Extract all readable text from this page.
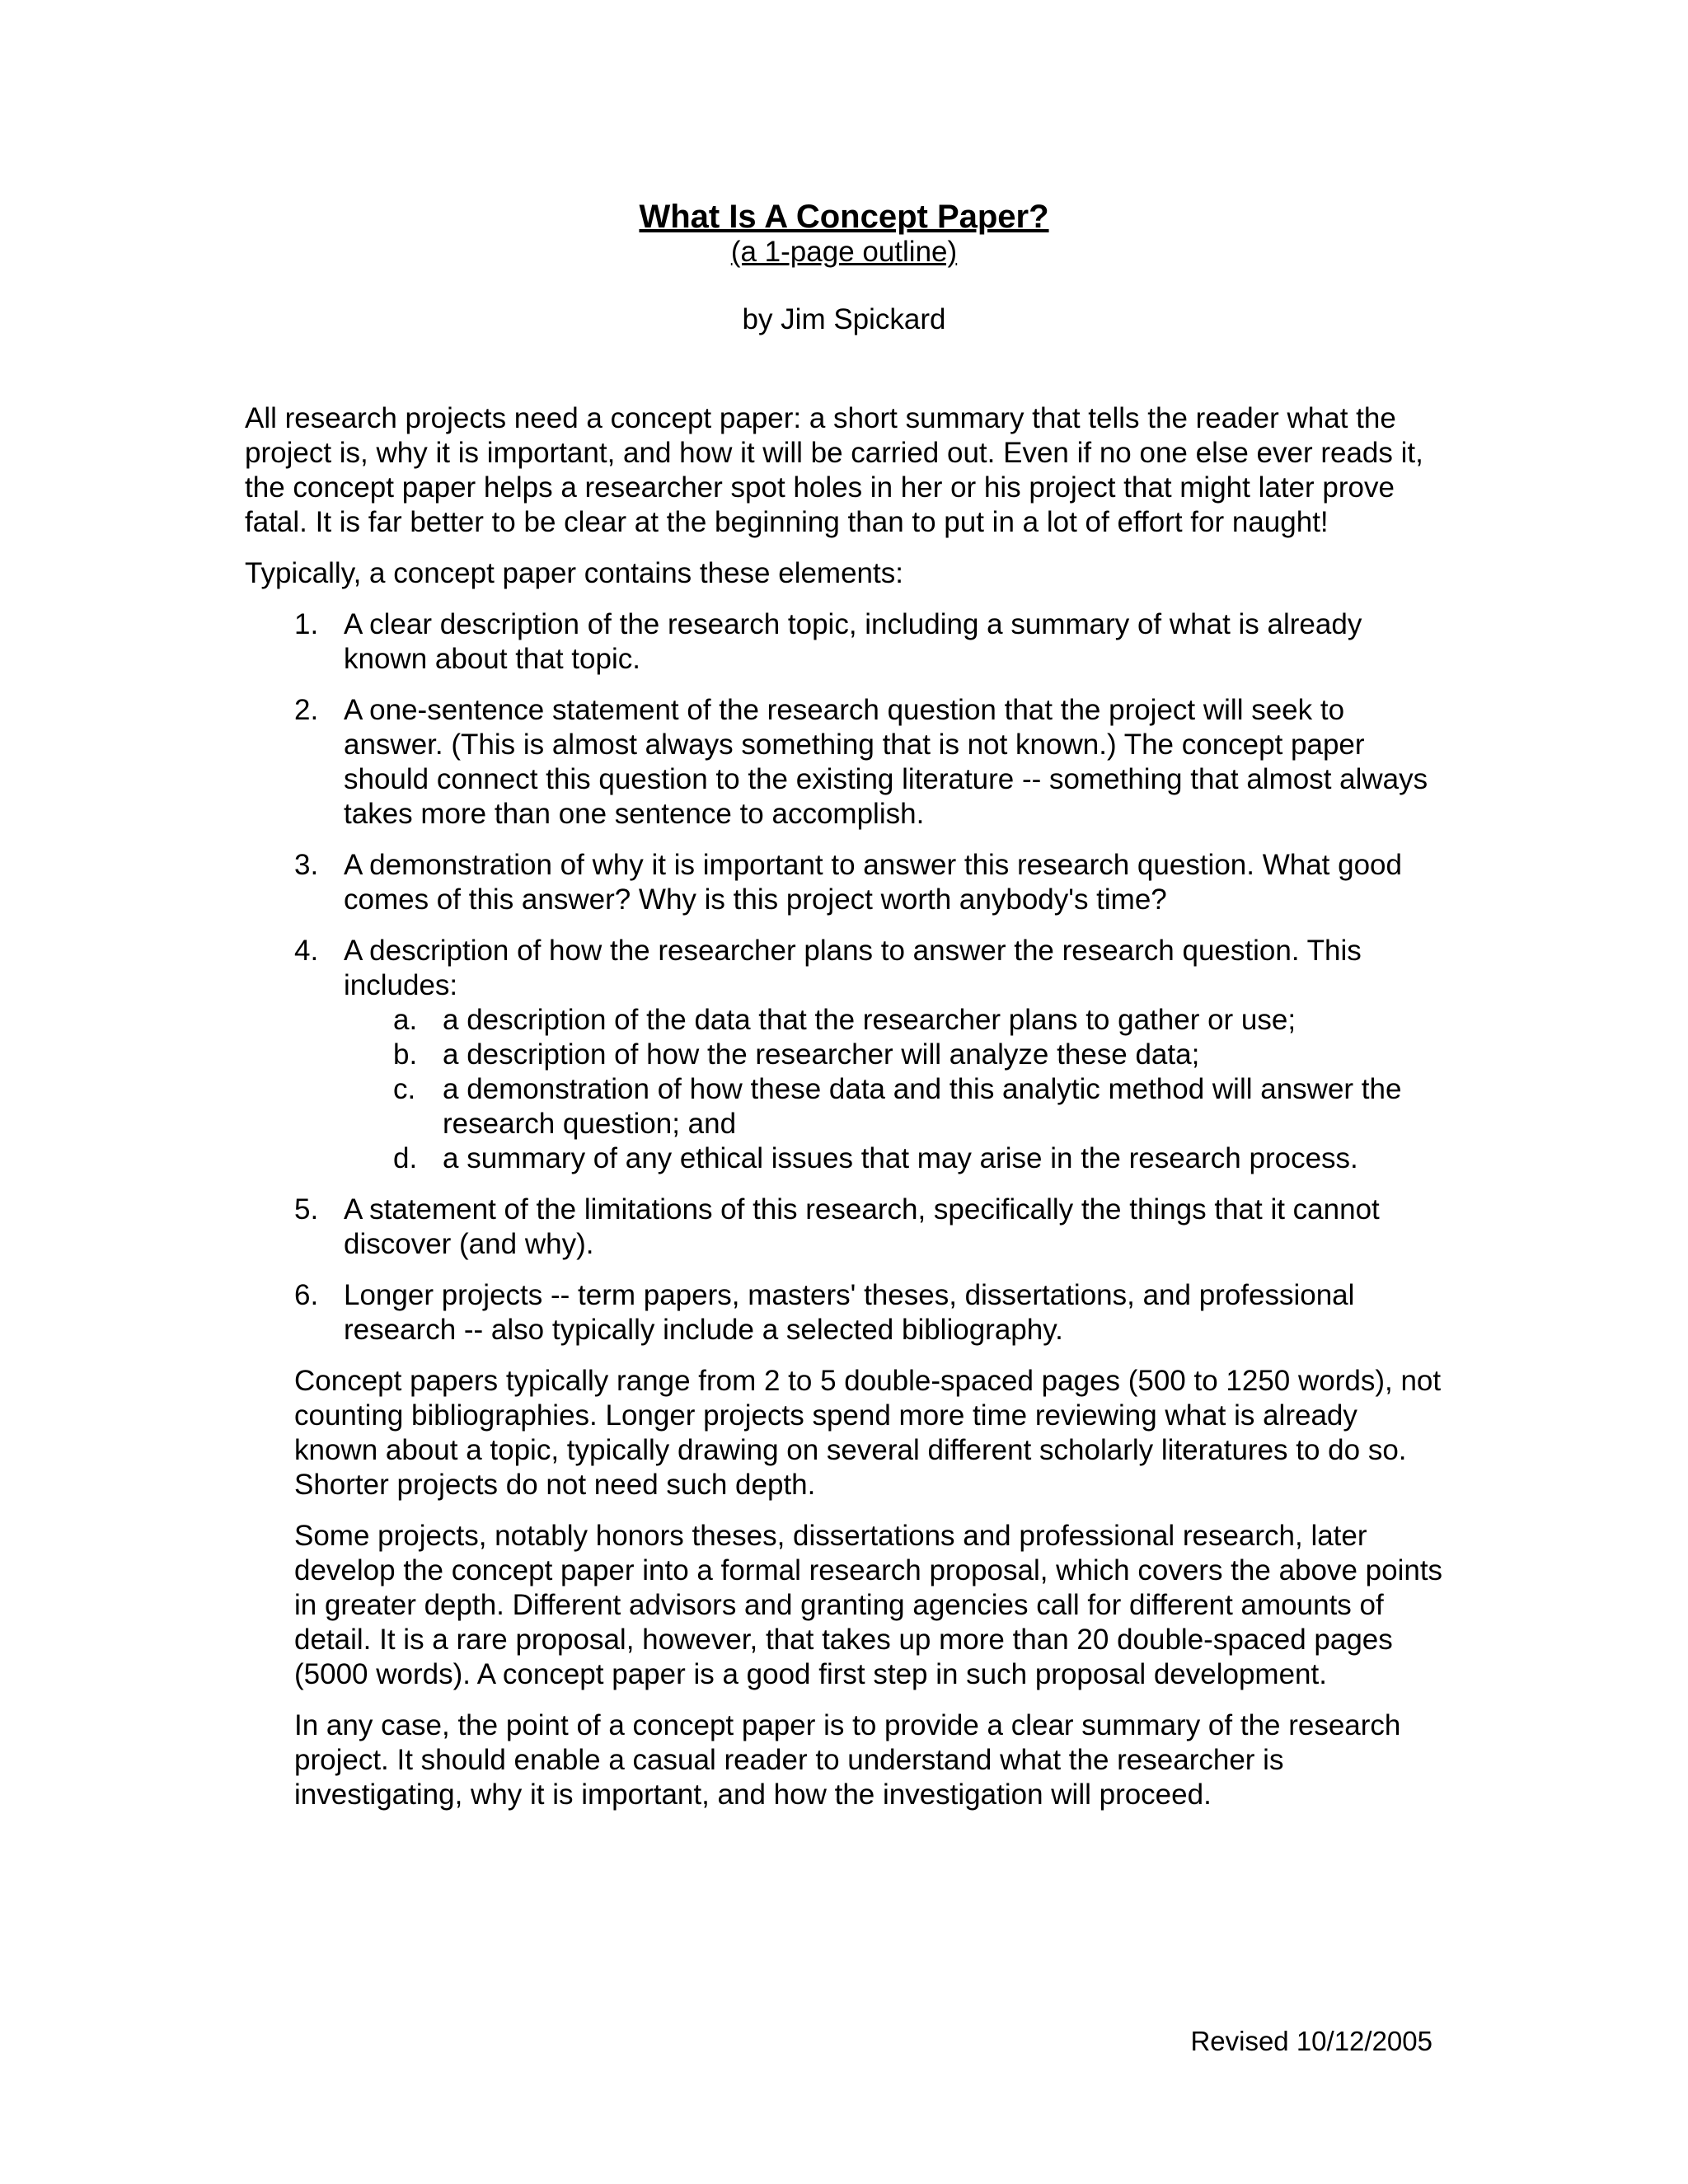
What Is A Concept Paper?
(a 1-page outline)
by Jim Spickard

All research projects need a concept paper: a short summary that tells the reader what the project is, why it is important, and how it will be carried out. Even if no one else ever reads it, the concept paper helps a researcher spot holes in her or his project that might later prove fatal. It is far better to be clear at the beginning than to put in a lot of effort for naught!

Typically, a concept paper contains these elements:

1. A clear description of the research topic, including a summary of what is already known about that topic.
2. A one-sentence statement of the research question that the project will seek to answer. (This is almost always something that is not known.) The concept paper should connect this question to the existing literature -- something that almost always takes more than one sentence to accomplish.
3. A demonstration of why it is important to answer this research question. What good comes of this answer? Why is this project worth anybody's time?
4. A description of how the researcher plans to answer the research question. This includes:
a. a description of the data that the researcher plans to gather or use;
b. a description of how the researcher will analyze these data;
c. a demonstration of how these data and this analytic method will answer the research question; and
d. a summary of any ethical issues that may arise in the research process.
5. A statement of the limitations of this research, specifically the things that it cannot discover (and why).
6. Longer projects -- term papers, masters' theses, dissertations, and professional research -- also typically include a selected bibliography.

Concept papers typically range from 2 to 5 double-spaced pages (500 to 1250 words), not counting bibliographies. Longer projects spend more time reviewing what is already known about a topic, typically drawing on several different scholarly literatures to do so. Shorter projects do not need such depth.

Some projects, notably honors theses, dissertations and professional research, later develop the concept paper into a formal research proposal, which covers the above points in greater depth. Different advisors and granting agencies call for different amounts of detail. It is a rare proposal, however, that takes up more than 20 double-spaced pages (5000 words). A concept paper is a good first step in such proposal development.

In any case, the point of a concept paper is to provide a clear summary of the research project. It should enable a casual reader to understand what the researcher is investigating, why it is important, and how the investigation will proceed.

Revised 10/12/2005
